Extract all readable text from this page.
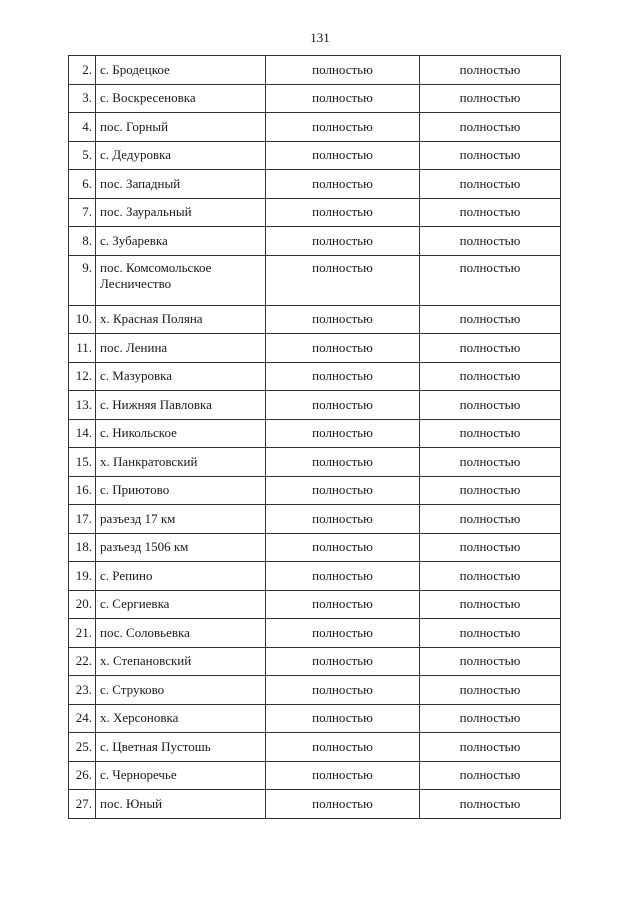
131
2.	с. Бродецкое	полностью	полностью
3.	с. Воскресеновка	полностью	полностью
4.	пос. Горный	полностью	полностью
5.	с. Дедуровка	полностью	полностью
6.	пос. Западный	полностью	полностью
7.	пос. Зауральный	полностью	полностью
8.	с. Зубаревка	полностью	полностью
9.	пос. Комсомольское Лесничество	полностью	полностью
10.	х. Красная Поляна	полностью	полностью
11.	пос. Ленина	полностью	полностью
12.	с. Мазуровка	полностью	полностью
13.	с. Нижняя Павловка	полностью	полностью
14.	с. Никольское	полностью	полностью
15.	х. Панкратовский	полностью	полностью
16.	с. Приютово	полностью	полностью
17.	разъезд 17 км	полностью	полностью
18.	разъезд 1506 км	полностью	полностью
19.	с. Репино	полностью	полностью
20.	с. Сергиевка	полностью	полностью
21.	пос. Соловьевка	полностью	полностью
22.	х. Степановский	полностью	полностью
23.	с. Струково	полностью	полностью
24.	х. Херсоновка	полностью	полностью
25.	с. Цветная Пустошь	полностью	полностью
26.	с. Черноречье	полностью	полностью
27.	пос. Юный	полностью	полностью
